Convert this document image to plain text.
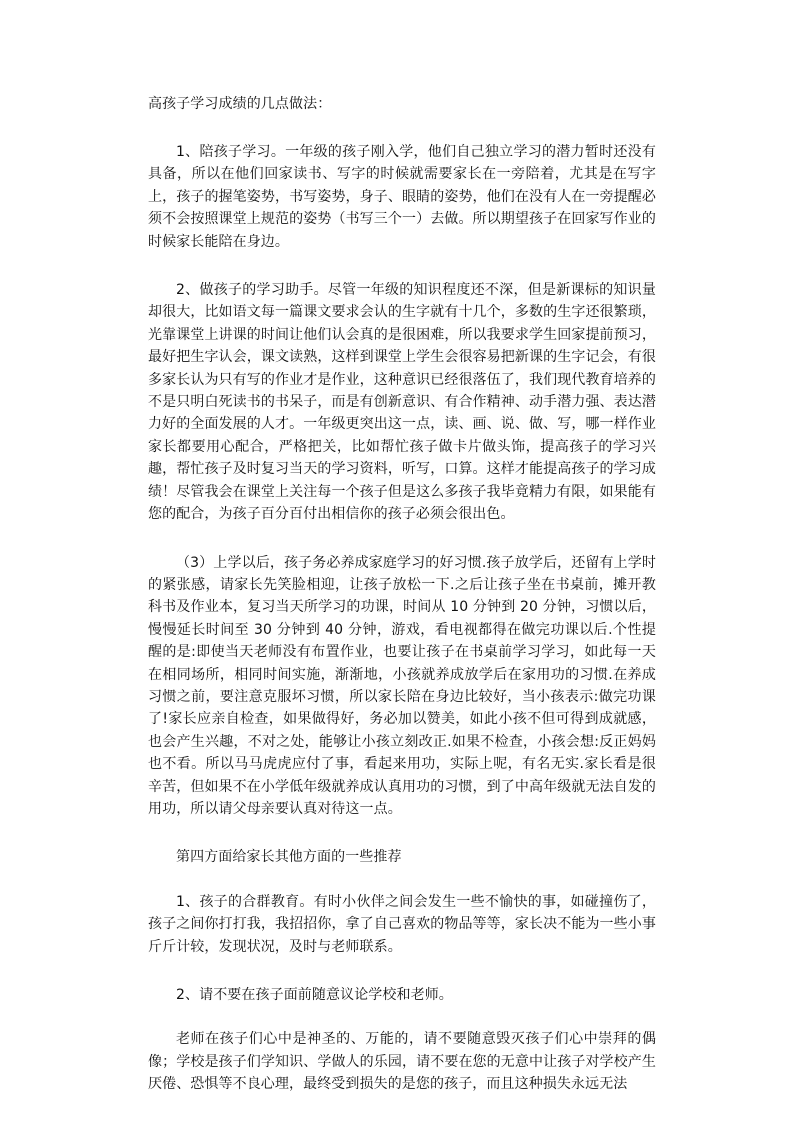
高孩子学习成绩的几点做法：

1、陪孩子学习。一年级的孩子刚入学，他们自己独立学习的潜力暂时还没有具备，所以在他们回家读书、写字的时候就需要家长在一旁陪着，尤其是在写字上，孩子的握笔姿势，书写姿势，身子、眼睛的姿势，他们在没有人在一旁提醒必须不会按照课堂上规范的姿势（书写三个一）去做。所以期望孩子在回家写作业的时候家长能陪在身边。

2、做孩子的学习助手。尽管一年级的知识程度还不深，但是新课标的知识量却很大，比如语文每一篇课文要求会认的生字就有十几个，多数的生字还很繁琐，光靠课堂上讲课的时间让他们认会真的是很困难，所以我要求学生回家提前预习，最好把生字认会，课文读熟，这样到课堂上学生会很容易把新课的生字记会，有很多家长认为只有写的作业才是作业，这种意识已经很落伍了，我们现代教育培养的不是只明白死读书的书呆子，而是有创新意识、有合作精神、动手潜力强、表达潜力好的全面发展的人才。一年级更突出这一点，读、画、说、做、写，哪一样作业家长都要用心配合，严格把关，比如帮忙孩子做卡片做头饰，提高孩子的学习兴趣，帮忙孩子及时复习当天的学习资料，听写，口算。这样才能提高孩子的学习成绩！尽管我会在课堂上关注每一个孩子但是这么多孩子我毕竟精力有限，如果能有您的配合，为孩子百分百付出相信你的孩子必须会很出色。

（3）上学以后，孩子务必养成家庭学习的好习惯.孩子放学后，还留有上学时的紧张感，请家长先笑脸相迎，让孩子放松一下.之后让孩子坐在书桌前，摊开教科书及作业本，复习当天所学习的功课，时间从 10 分钟到 20 分钟，习惯以后，慢慢延长时间至 30 分钟到 40 分钟，游戏，看电视都得在做完功课以后.个性提醒的是:即使当天老师没有布置作业，也要让孩子在书桌前学习学习，如此每一天在相同场所，相同时间实施，渐渐地，小孩就养成放学后在家用功的习惯.在养成习惯之前，要注意克服坏习惯，所以家长陪在身边比较好，当小孩表示:做完功课了!家长应亲自检查，如果做得好，务必加以赞美，如此小孩不但可得到成就感，也会产生兴趣，不对之处，能够让小孩立刻改正.如果不检查，小孩会想:反正妈妈也不看。所以马马虎虎应付了事，看起来用功，实际上呢，有名无实.家长看是很辛苦，但如果不在小学低年级就养成认真用功的习惯，到了中高年级就无法自发的用功，所以请父母亲要认真对待这一点。

第四方面给家长其他方面的一些推荐

1、孩子的合群教育。有时小伙伴之间会发生一些不愉快的事，如碰撞伤了，孩子之间你打打我，我招招你，拿了自己喜欢的物品等等，家长决不能为一些小事斤斤计较，发现状况，及时与老师联系。

2、请不要在孩子面前随意议论学校和老师。

老师在孩子们心中是神圣的、万能的，请不要随意毁灭孩子们心中崇拜的偶像；学校是孩子们学知识、学做人的乐园，请不要在您的无意中让孩子对学校产生厌倦、恐惧等不良心理，最终受到损失的是您的孩子，而且这种损失永远无法
